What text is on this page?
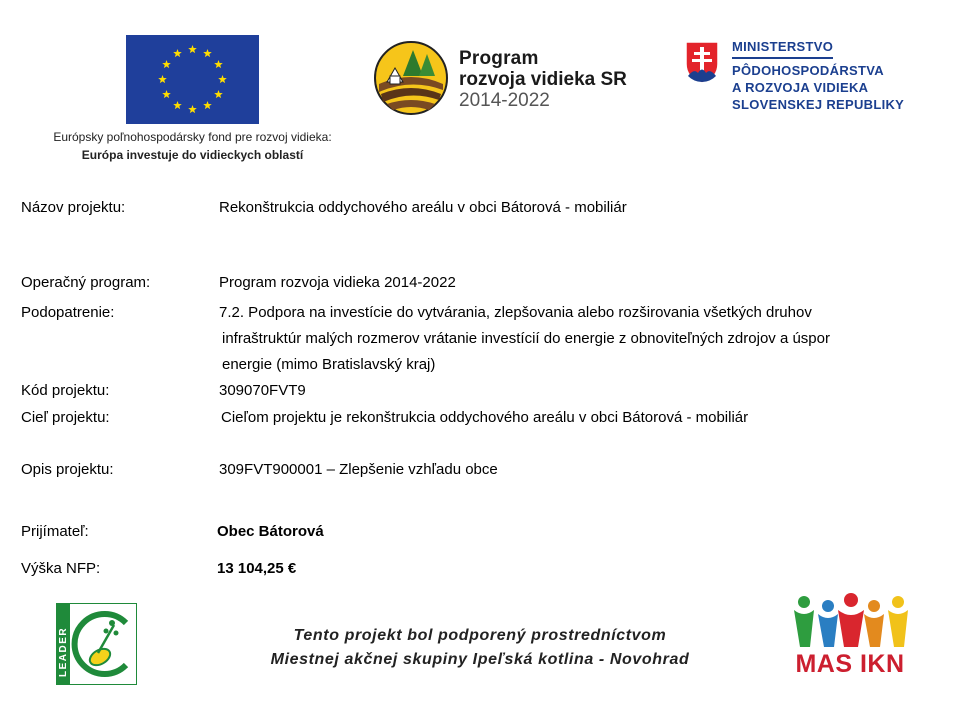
Európsky poľnohospodársky fond pre rozvoj vidieka:
Európa investuje do vidieckych oblastí
Program
rozvoja vidieka SR
2014-2022
MINISTERSTVO
PÔDOHOSPODÁRSTVA
A ROZVOJA VIDIEKA
SLOVENSKEJ REPUBLIKY
Názov projektu:	Rekonštrukcia oddychového areálu v obci Bátorová - mobiliár
Operačný program:	Program rozvoja vidieka 2014-2022
Podopatrenie:	7.2. Podpora na investície do vytvárania, zlepšovania alebo rozširovania všetkých druhov
infraštruktúr malých rozmerov vrátanie investícií do energie z obnoviteľných zdrojov a úspor
energie (mimo Bratislavský kraj)
Kód projektu:	309070FVT9
Cieľ projektu:	Cieľom projektu je rekonštrukcia oddychového areálu v obci Bátorová - mobiliár
Opis projektu:	309FVT900001 – Zlepšenie vzhľadu obce
Prijímateľ:	Obec Bátorová
Výška NFP:	13 104,25 €
LEADER	Tento projekt bol podporený prostredníctvom
Miestnej akčnej skupiny Ipeľská kotlina - Novohrad	MAS IKN
